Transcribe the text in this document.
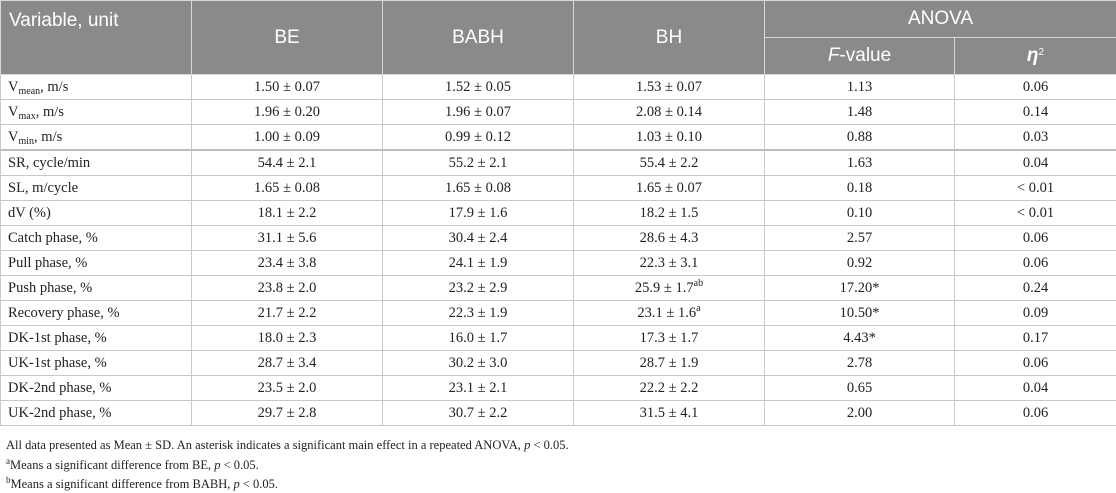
Variable, unit	BE	BABH	BH	ANOVA	
				F-value	$\eta^2$
$V_{mean}$, m/s	1.50 ± 0.07	1.52 ± 0.05	1.53 ± 0.07	1.13	0.06
$V_{max}$, m/s	1.96 ± 0.20	1.96 ± 0.07	2.08 ± 0.14	1.48	0.14
$V_{min}$, m/s	1.00 ± 0.09	0.99 ± 0.12	1.03 ± 0.10	0.88	0.03
SR, cycle/min	54.4 ± 2.1	55.2 ± 2.1	55.4 ± 2.2	1.63	0.04
SL, m/cycle	1.65 ± 0.08	1.65 ± 0.08	1.65 ± 0.07	0.18	< 0.01
dV (%)	18.1 ± 2.2	17.9 ± 1.6	18.2 ± 1.5	0.10	< 0.01
Catch phase, %	31.1 ± 5.6	30.4 ± 2.4	28.6 ± 4.3	2.57	0.06
Pull phase, %	23.4 ± 3.8	24.1 ± 1.9	22.3 ± 3.1	0.92	0.06
Push phase, %	23.8 ± 2.0	23.2 ± 2.9	25.9 ± 1.7$^{ab}$	17.20*	0.24
Recovery phase, %	21.7 ± 2.2	22.3 ± 1.9	23.1 ± 1.6$^a$	10.50*	0.09
DK-1st phase, %	18.0 ± 2.3	16.0 ± 1.7	17.3 ± 1.7	4.43*	0.17
UK-1st phase, %	28.7 ± 3.4	30.2 ± 3.0	28.7 ± 1.9	2.78	0.06
DK-2nd phase, %	23.5 ± 2.0	23.1 ± 2.1	22.2 ± 2.2	0.65	0.04
UK-2nd phase, %	29.7 ± 2.8	30.7 ± 2.2	31.5 ± 4.1	2.00	0.06
All data presented as Mean ± SD. An asterisk indicates a significant main effect in a repeated ANOVA, p < 0.05.
$^a$Means a significant difference from BE, p < 0.05.
$^b$Means a significant difference from BABH, p < 0.05.
